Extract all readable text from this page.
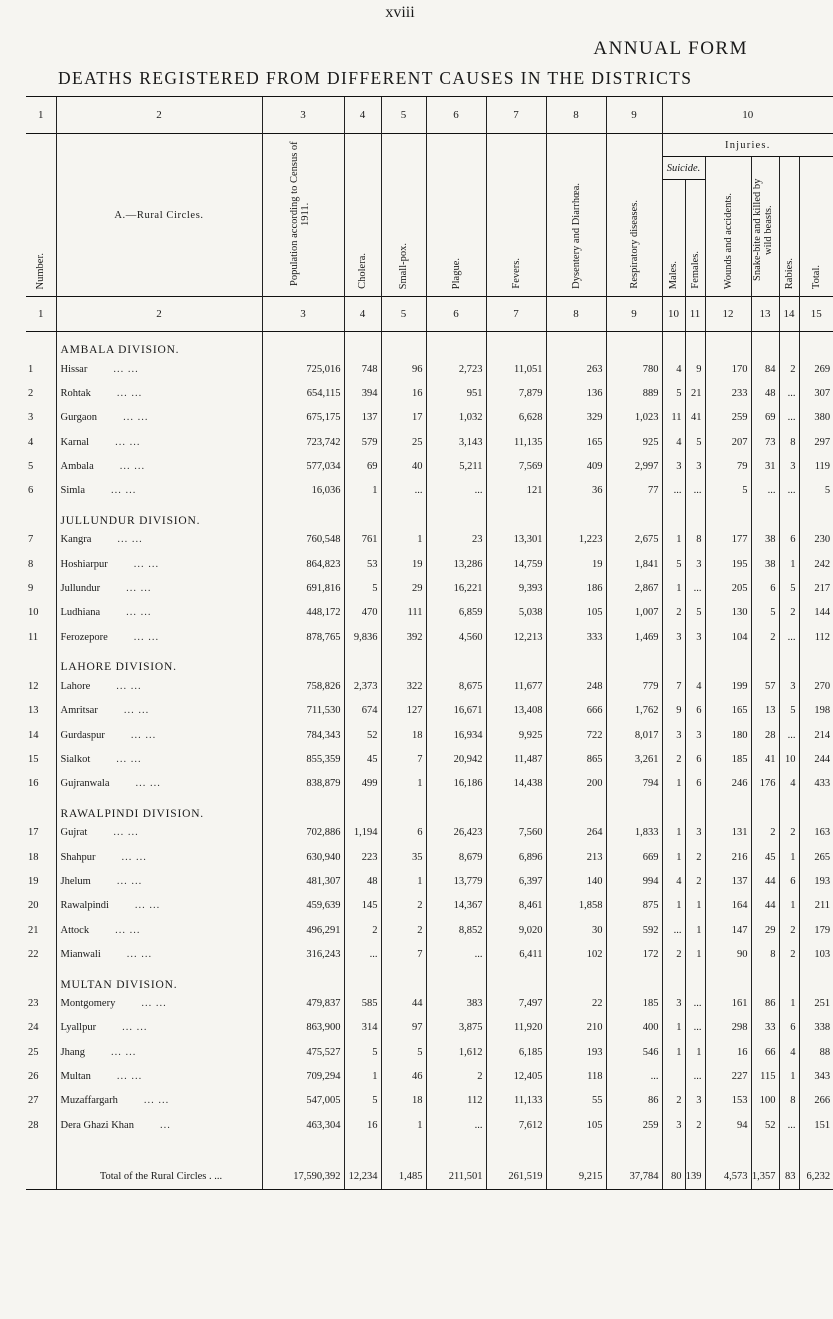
xviii
ANNUAL FORM
DEATHS REGISTERED FROM DIFFERENT CAUSES IN THE DISTRICTS
1	2	3	4	5	6	7	8	9	10					
Number.	A.—Rural Circles.	Population according to Census of 1911.	Cholera.	Small-pox.	Plague.	Fevers.	Dysentery and Diarrhœa.	Respiratory diseases.	Injuries.					
									Suicide.		Wounds and accidents.	Snake-bite and killed by wild beasts.	Rabies.	Total.
									Males.	Females.				
1	2	3	4	5	6	7	8	9	10	11	12	13	14	15
	AMBALA DIVISION.													
1	Hissar ... ...	725,016	748	96	2,723	11,051	263	780	4	9	170	84	2	269
2	Rohtak ... ...	654,115	394	16	951	7,879	136	889	5	21	233	48	...	307
3	Gurgaon ... ...	675,175	137	17	1,032	6,628	329	1,023	11	41	259	69	...	380
4	Karnal ... ...	723,742	579	25	3,143	11,135	165	925	4	5	207	73	8	297
5	Ambala ... ...	577,034	69	40	5,211	7,569	409	2,997	3	3	79	31	3	119
6	Simla ... ...	16,036	1	...	...	121	36	77	...	...	5	...	...	5
	JULLUNDUR DIVISION.													
7	Kangra ... ...	760,548	761	1	23	13,301	1,223	2,675	1	8	177	38	6	230
8	Hoshiarpur ... ...	864,823	53	19	13,286	14,759	19	1,841	5	3	195	38	1	242
9	Jullundur ... ...	691,816	5	29	16,221	9,393	186	2,867	1	...	205	6	5	217
10	Ludhiana ... ...	448,172	470	111	6,859	5,038	105	1,007	2	5	130	5	2	144
11	Ferozepore ... ...	878,765	9,836	392	4,560	12,213	333	1,469	3	3	104	2	...	112
	LAHORE DIVISION.													
12	Lahore ... ...	758,826	2,373	322	8,675	11,677	248	779	7	4	199	57	3	270
13	Amritsar ... ...	711,530	674	127	16,671	13,408	666	1,762	9	6	165	13	5	198
14	Gurdaspur ... ...	784,343	52	18	16,934	9,925	722	8,017	3	3	180	28	...	214
15	Sialkot ... ...	855,359	45	7	20,942	11,487	865	3,261	2	6	185	41	10	244
16	Gujranwala ... ...	838,879	499	1	16,186	14,438	200	794	1	6	246	176	4	433
	RAWALPINDI DIVISION.													
17	Gujrat ... ...	702,886	1,194	6	26,423	7,560	264	1,833	1	3	131	2	2	163
18	Shahpur ... ...	630,940	223	35	8,679	6,896	213	669	1	2	216	45	1	265
19	Jhelum ... ...	481,307	48	1	13,779	6,397	140	994	4	2	137	44	6	193
20	Rawalpindi ... ...	459,639	145	2	14,367	8,461	1,858	875	1	1	164	44	1	211
21	Attock ... ...	496,291	2	2	8,852	9,020	30	592	...	1	147	29	2	179
22	Mianwali ... ...	316,243	...	7	...	6,411	102	172	2	1	90	8	2	103
	MULTAN DIVISION.													
23	Montgomery ... ...	479,837	585	44	383	7,497	22	185	3	...	161	86	1	251
24	Lyallpur ... ...	863,900	314	97	3,875	11,920	210	400	1	...	298	33	6	338
25	Jhang ... ...	475,527	5	5	1,612	6,185	193	546	1	1	16	66	4	88
26	Multan ... ...	709,294	1	46	2	12,405	118	...		...	227	115	1	343
27	Muzaffargarh ... ...	547,005	5	18	112	11,133	55	86	2	3	153	100	8	266
28	Dera Ghazi Khan ...	463,304	16	1	...	7,612	105	259	3	2	94	52	...	151

	Total of the Rural Circles . ...	17,590,392	12,234	1,485	211,501	261,519	9,215	37,784	80	139	4,573	1,357	83	6,232
